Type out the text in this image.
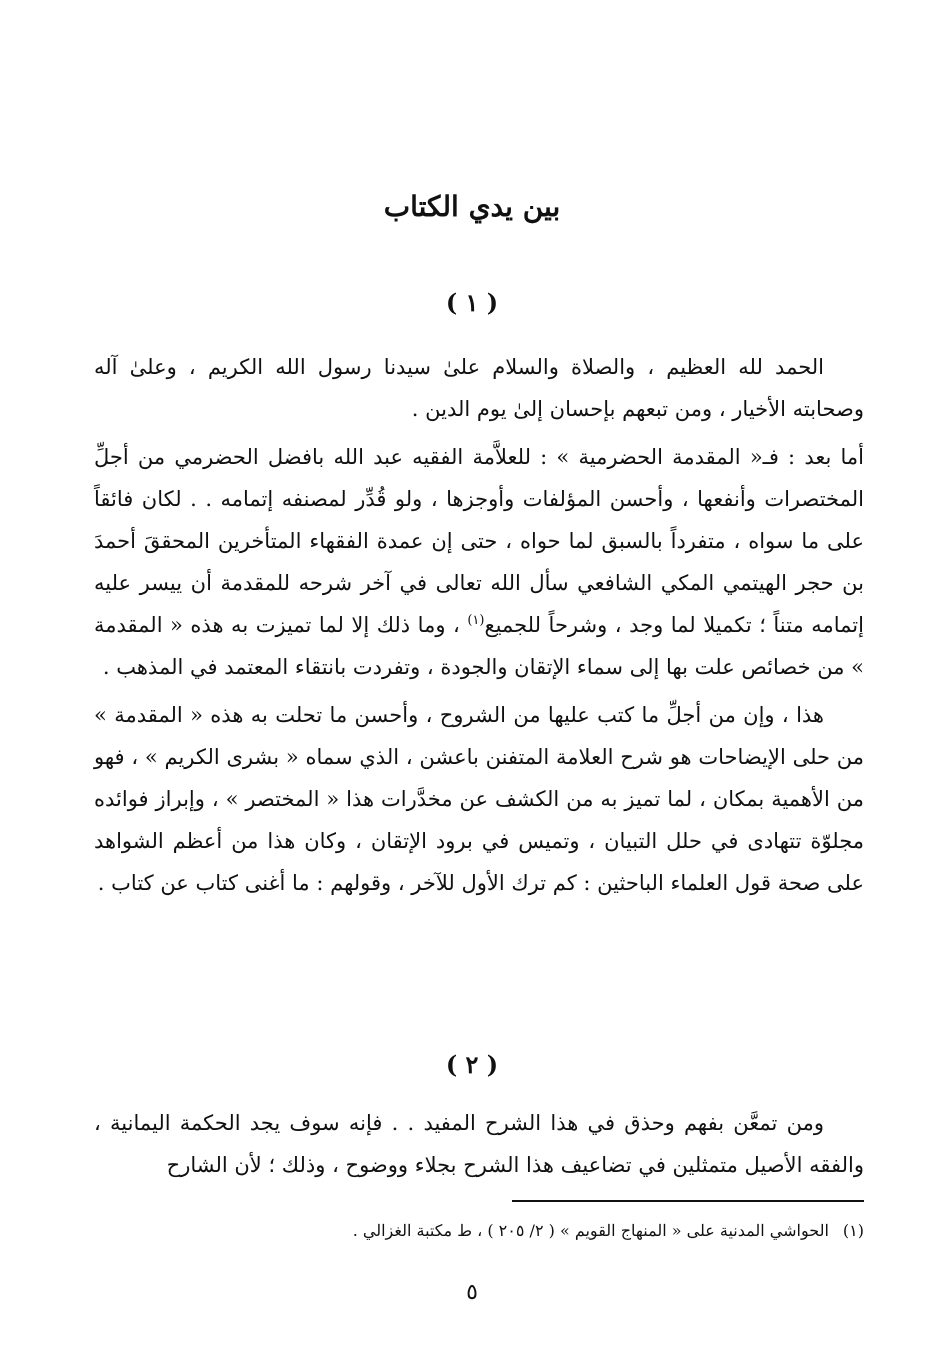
بين يدي الكتاب
( ١ )

الحمد لله العظيم ، والصلاة والسلام علىٰ سيدنا رسول الله الكريم ، وعلىٰ آله وصحابته الأخيار ، ومن تبعهم بإحسان إلىٰ يوم الدين .

أما بعد : فـ« المقدمة الحضرمية » : للعلاَّمة الفقيه عبد الله بافضل الحضرمي من أجلِّ المختصرات وأنفعها ، وأحسن المؤلفات وأوجزها ، ولو قُدِّر لمصنفه إتمامه . . لكان فائقاً على ما سواه ، متفرداً بالسبق لما حواه ، حتى إن عمدة الفقهاء المتأخرين المحققَ أحمدَ بن حجر الهيتمي المكي الشافعي سأل الله تعالى في آخر شرحه للمقدمة أن ييسر عليه إتمامه متناً ؛ تكميلا لما وجد ، وشرحاً للجميع$^{(١)}$ ، وما ذلك إلا لما تميزت به هذه « المقدمة » من خصائص علت بها إلى سماء الإتقان والجودة ، وتفردت بانتقاء المعتمد في المذهب .

هذا ، وإن من أجلِّ ما كتب عليها من الشروح ، وأحسن ما تحلت به هذه « المقدمة » من حلى الإيضاحات هو شرح العلامة المتفنن باعشن ، الذي سماه « بشرى الكريم » ، فهو من الأهمية بمكان ، لما تميز به من الكشف عن مخدَّرات هذا « المختصر » ، وإبراز فوائده مجلوّة تتهادى في حلل التبيان ، وتميس في برود الإتقان ، وكان هذا من أعظم الشواهد على صحة قول العلماء الباحثين : كم ترك الأول للآخر ، وقولهم : ما أغنى كتاب عن كتاب .

( ٢ )

ومن تمعَّن بفهم وحذق في هذا الشرح المفيد . . فإنه سوف يجد الحكمة اليمانية ، والفقه الأصيل متمثلين في تضاعيف هذا الشرح بجلاء ووضوح ، وذلك ؛ لأن الشارح

(١)الحواشي المدنية على « المنهاج القويم » ( ٢/ ٢٠٥ ) ، ط مكتبة الغزالي .
٥
